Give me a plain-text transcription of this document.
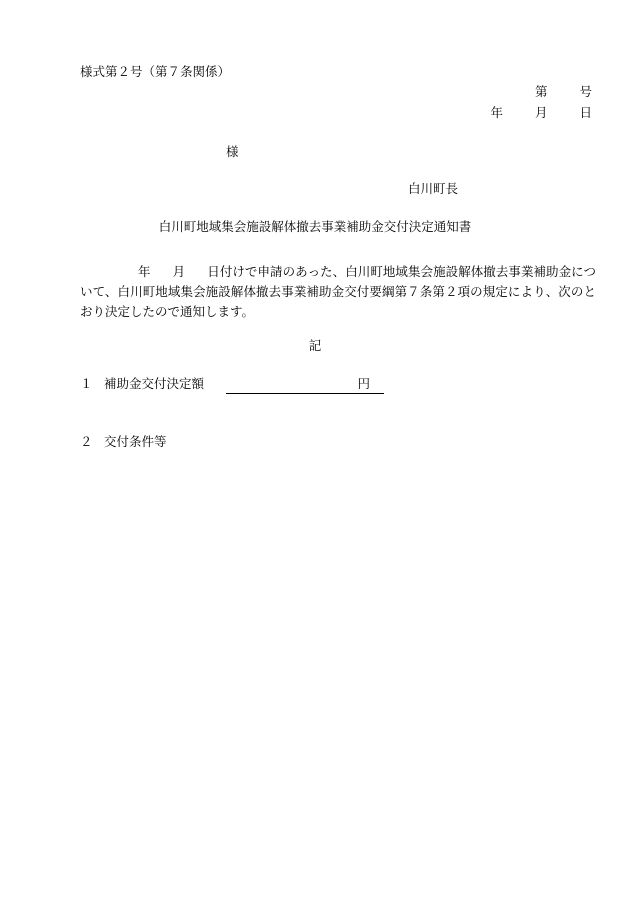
様式第２号（第７条関係）
第	号
年	月	日
様
白川町長
白川町地域集会施設解体撤去事業補助金交付決定通知書
年 月 日付けで申請のあった、白川町地域集会施設解体撤去事業補助金について、白川町地域集会施設解体撤去事業補助金交付要綱第７条第２項の規定により、次のとおり決定したので通知します。
記
１ 補助金交付決定額	円
２ 交付条件等
